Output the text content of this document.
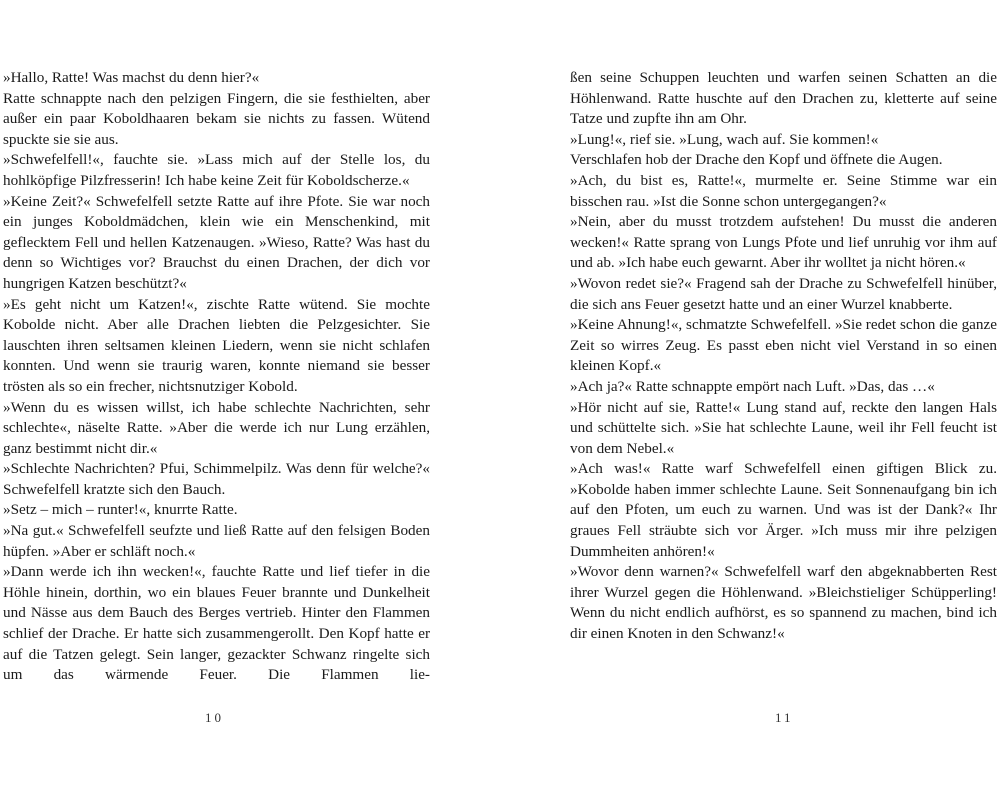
»Hallo, Ratte! Was machst du denn hier?«

Ratte schnappte nach den pelzigen Fingern, die sie festhielten, aber außer ein paar Koboldhaaren bekam sie nichts zu fassen. Wütend spuckte sie sie aus.

»Schwefelfell!«, fauchte sie. »Lass mich auf der Stelle los, du hohlköpfige Pilzfresserin! Ich habe keine Zeit für Koboldscherze.«

»Keine Zeit?« Schwefelfell setzte Ratte auf ihre Pfote. Sie war noch ein junges Koboldmädchen, klein wie ein Menschenkind, mit geflecktem Fell und hellen Katzenaugen. »Wieso, Ratte? Was hast du denn so Wichtiges vor? Brauchst du einen Drachen, der dich vor hungrigen Katzen beschützt?«

»Es geht nicht um Katzen!«, zischte Ratte wütend. Sie mochte Kobolde nicht. Aber alle Drachen liebten die Pelzgesichter. Sie lauschten ihren seltsamen kleinen Liedern, wenn sie nicht schlafen konnten. Und wenn sie traurig waren, konnte niemand sie besser trösten als so ein frecher, nichtsnutziger Kobold.

»Wenn du es wissen willst, ich habe schlechte Nachrichten, sehr schlechte«, näselte Ratte. »Aber die werde ich nur Lung erzählen, ganz bestimmt nicht dir.«

»Schlechte Nachrichten? Pfui, Schimmelpilz. Was denn für welche?« Schwefelfell kratzte sich den Bauch.

»Setz – mich – runter!«, knurrte Ratte.

»Na gut.« Schwefelfell seufzte und ließ Ratte auf den felsigen Boden hüpfen. »Aber er schläft noch.«

»Dann werde ich ihn wecken!«, fauchte Ratte und lief tiefer in die Höhle hinein, dorthin, wo ein blaues Feuer brannte und Dunkelheit und Nässe aus dem Bauch des Berges vertrieb. Hinter den Flammen schlief der Drache. Er hatte sich zusammengerollt. Den Kopf hatte er auf die Tatzen gelegt. Sein langer, gezackter Schwanz ringelte sich um das wärmende Feuer. Die Flammen lie-

10

ßen seine Schuppen leuchten und warfen seinen Schatten an die Höhlenwand. Ratte huschte auf den Drachen zu, kletterte auf seine Tatze und zupfte ihn am Ohr.

»Lung!«, rief sie. »Lung, wach auf. Sie kommen!«

Verschlafen hob der Drache den Kopf und öffnete die Augen.

»Ach, du bist es, Ratte!«, murmelte er. Seine Stimme war ein bisschen rau. »Ist die Sonne schon untergegangen?«

»Nein, aber du musst trotzdem aufstehen! Du musst die anderen wecken!« Ratte sprang von Lungs Pfote und lief unruhig vor ihm auf und ab. »Ich habe euch gewarnt. Aber ihr wolltet ja nicht hören.«

»Wovon redet sie?« Fragend sah der Drache zu Schwefelfell hinüber, die sich ans Feuer gesetzt hatte und an einer Wurzel knabberte.

»Keine Ahnung!«, schmatzte Schwefelfell. »Sie redet schon die ganze Zeit so wirres Zeug. Es passt eben nicht viel Verstand in so einen kleinen Kopf.«

»Ach ja?« Ratte schnappte empört nach Luft. »Das, das …«

»Hör nicht auf sie, Ratte!« Lung stand auf, reckte den langen Hals und schüttelte sich. »Sie hat schlechte Laune, weil ihr Fell feucht ist von dem Nebel.«

»Ach was!« Ratte warf Schwefelfell einen giftigen Blick zu. »Kobolde haben immer schlechte Laune. Seit Sonnenaufgang bin ich auf den Pfoten, um euch zu warnen. Und was ist der Dank?« Ihr graues Fell sträubte sich vor Ärger. »Ich muss mir ihre pelzigen Dummheiten anhören!«

»Wovor denn warnen?« Schwefelfell warf den abgeknabberten Rest ihrer Wurzel gegen die Höhlenwand. »Bleichstieliger Schüpperling! Wenn du nicht endlich aufhörst, es so spannend zu machen, bind ich dir einen Knoten in den Schwanz!«

11
